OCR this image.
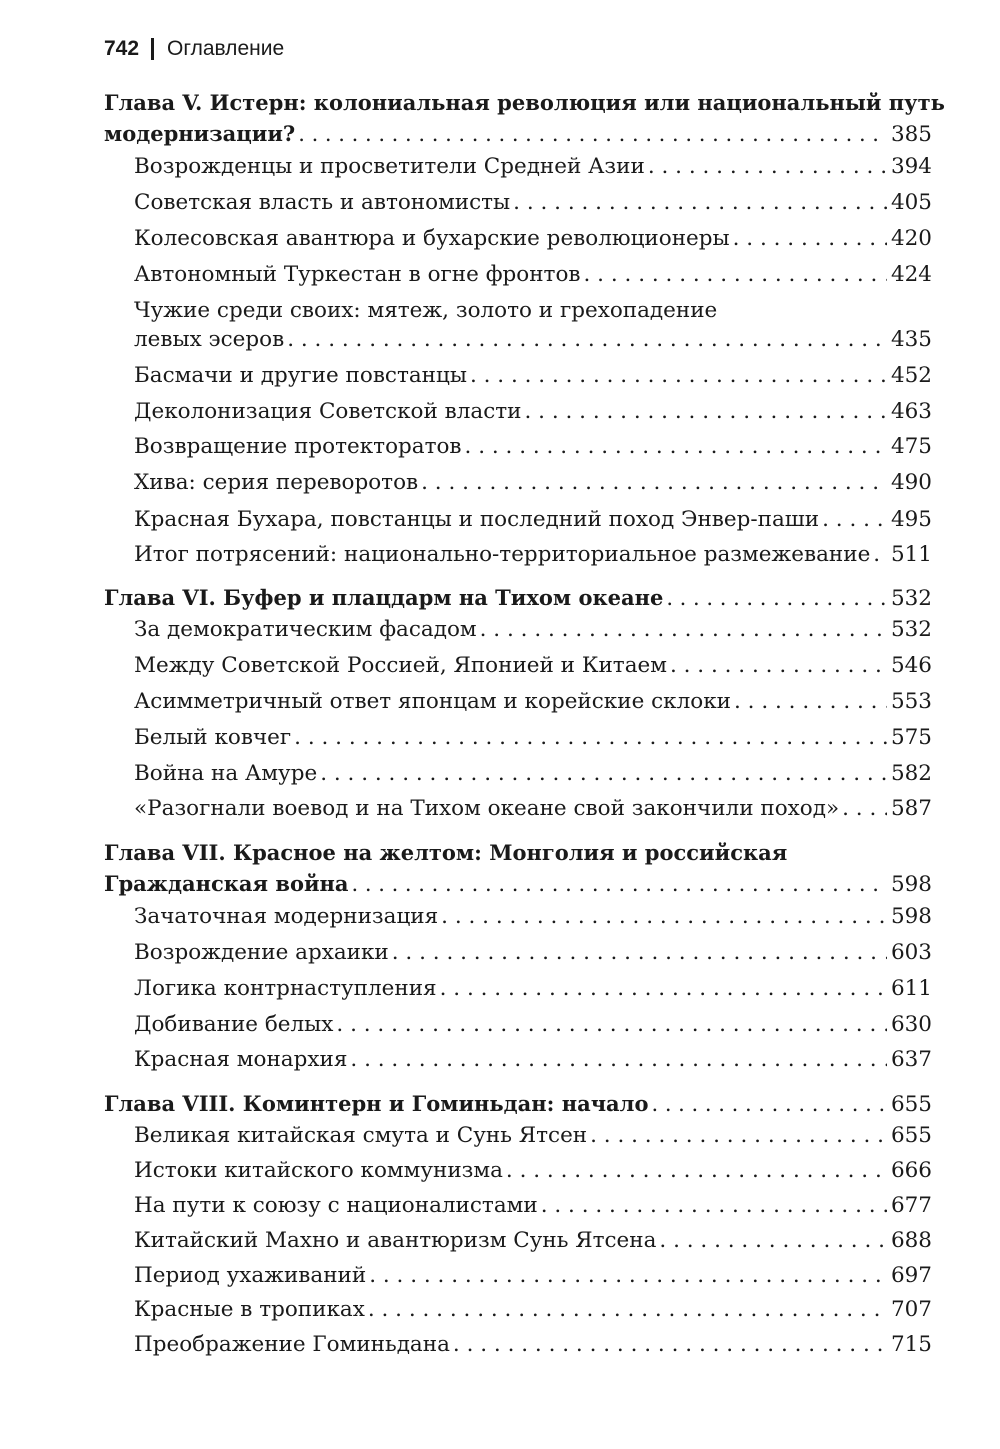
742 Оглавление
Глава V. Истерн: колониальная революция или национальный путь
модернизации? . . .	385
Возрожденцы и просветители Средней Азии . . .	394
Советская власть и автономисты . . .	405
Колесовская авантюра и бухарские революционеры . . .	420
Автономный Туркестан в огне фронтов . . .	424
Чужие среди своих: мятеж, золото и грехопадение
левых эсеров . . .	435
Басмачи и другие повстанцы . . .	452
Деколонизация Советской власти . . .	463
Возвращение протекторатов . . .	475
Хива: серия переворотов . . .	490
Красная Бухара, повстанцы и последний поход Энвер-паши . . .	495
Итог потрясений: национально-территориальное размежевание . . . 511
Глава VI. Буфер и плацдарм на Тихом океане . . .	532
За демократическим фасадом . . .	532
Между Советской Россией, Японией и Китаем . . .	546
Асимметричный ответ японцам и корейские склоки . . .	553
Белый ковчег . . .	575
Война на Амуре . . .	582
«Разогнали воевод и на Тихом океане свой закончили поход» . . . 587
Глава VII. Красное на желтом: Монголия и российская
Гражданская война . . .	598
Зачаточная модернизация . . .	598
Возрождение архаики . . .	603
Логика контрнаступления . . .	611
Добивание белых . . .	630
Красная монархия . . .	637
Глава VIII. Коминтерн и Гоминьдан: начало . . .	655
Великая китайская смута и Сунь Ятсен . . .	655
Истоки китайского коммунизма . . .	666
На пути к союзу с националистами . . .	677
Китайский Махно и авантюризм Сунь Ятсена . . .	688
Период ухаживаний . . .	697
Красные в тропиках . . .	707
Преображение Гоминьдана . . .	715
